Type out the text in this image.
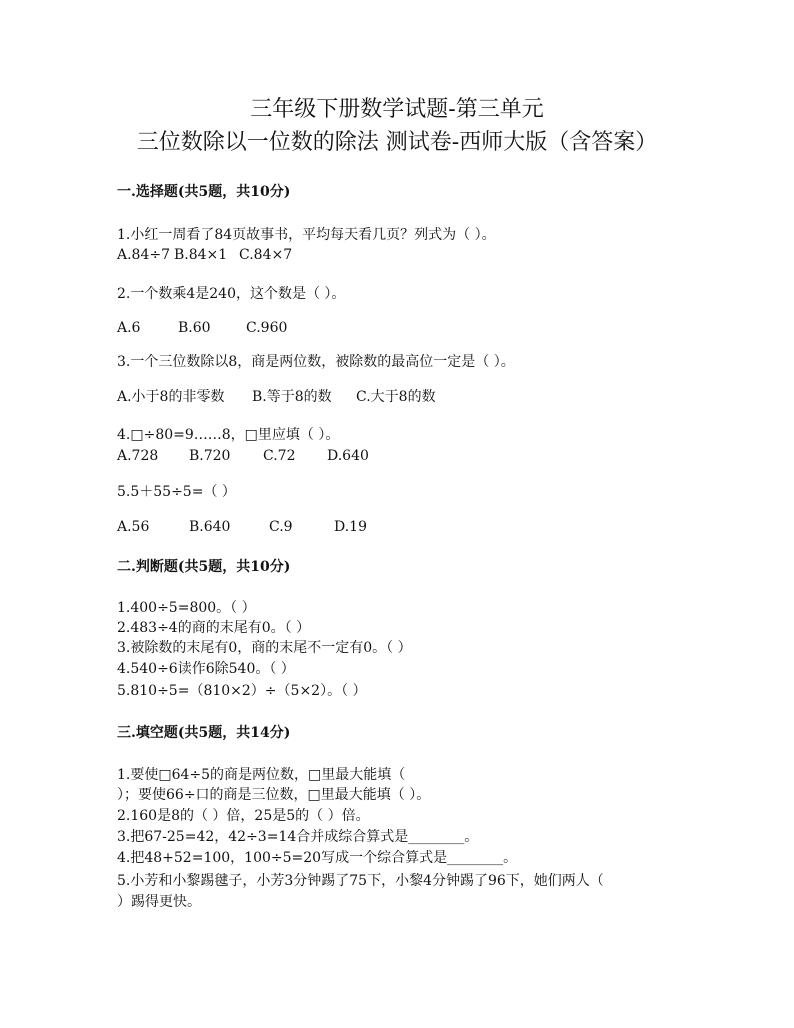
三年级下册数学试题-第三单元
三位数除以一位数的除法 测试卷-西师大版（含答案）
一.选择题(共5题，共10分)
1.小红一周看了84页故事书，平均每天看几页？列式为（ ）。
A.84÷7 B.84×1 C.84×7
2.一个数乘4是240，这个数是（ ）。
A.6	B.60	C.960
3.一个三位数除以8，商是两位数，被除数的最高位一定是（ ）。
A.小于8的非零数 B.等于8的数 C.大于8的数
4.□÷80=9……8，□里应填（ ）。
A.728 B.720 C.72 D.640
5.5＋55÷5=（ ）
A.56	B.640	C.9	D.19
二.判断题(共5题，共10分)
1.400÷5=800。（ ）
2.483÷4的商的末尾有0。（ ）
3.被除数的末尾有0，商的末尾不一定有0。（ ）
4.540÷6读作6除540。（ ）
5.810÷5=（810×2）÷（5×2）。（ ）
三.填空题(共5题，共14分)
1.要使□64÷5的商是两位数，□里最大能填（
）；要使66÷口的商是三位数，□里最大能填（ ）。
2.160是8的（ ）倍，25是5的（ ）倍。
3.把67-25=42，42÷3=14合并成综合算式是________。
4.把48+52=100，100÷5=20写成一个综合算式是________。
5.小芳和小黎踢毽子，小芳3分钟踢了75下，小黎4分钟踢了96下，她们两人（
）踢得更快。
